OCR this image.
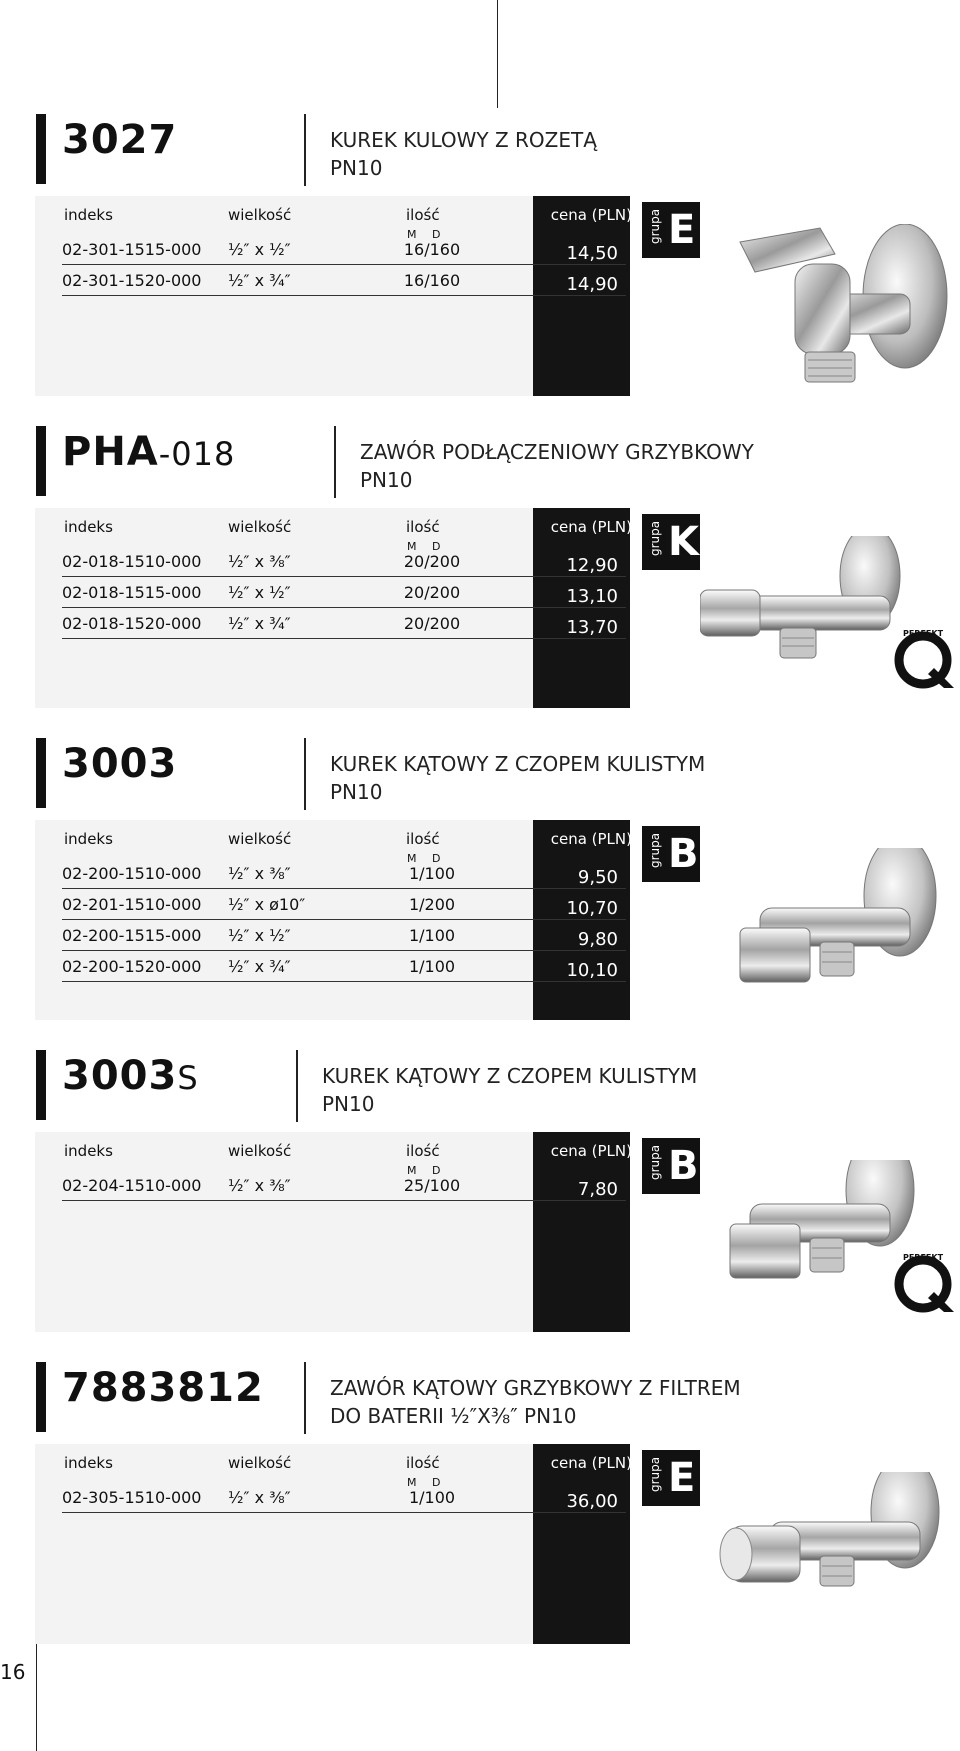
16
3027	KUREK KULOWY Z ROZETĄ
PN10
indeks	wielkość	ilość	cena (PLN)
M D
02-301-1515-000 ½″ x ½″	16/160	14,50
02-301-1520-000 ½″ x ¾″	16/160	14,90
grupa E
PHA-018	ZAWÓR PODŁĄCZENIOWY GRZYBKOWY
PN10
indeks	wielkość	ilość	cena (PLN)
M D
02-018-1510-000 ½″ x ⅜″	20/200	12,90
02-018-1515-000 ½″ x ½″	20/200	13,10
02-018-1520-000 ½″ x ¾″	20/200	13,70
grupa K
PERFEKT
3003	KUREK KĄTOWY Z CZOPEM KULISTYM
PN10
indeks	wielkość	ilość	cena (PLN)
M D
02-200-1510-000 ½″ x ⅜″	1/100	9,50
02-201-1510-000 ½″ x ø10″	1/200	10,70
02-200-1515-000 ½″ x ½″	1/100	9,80
02-200-1520-000 ½″ x ¾″	1/100	10,10
grupa B
3003S	KUREK KĄTOWY Z CZOPEM KULISTYM
PN10
indeks	wielkość	ilość	cena (PLN)
M D
02-204-1510-000 ½″ x ⅜″	25/100	7,80
grupa B
PERFEKT
7883812	ZAWÓR KĄTOWY GRZYBKOWY Z FILTREM
DO BATERII ½″X⅜″ PN10
indeks	wielkość	ilość	cena (PLN)
M D
02-305-1510-000 ½″ x ⅜″	1/100	36,00
grupa E
